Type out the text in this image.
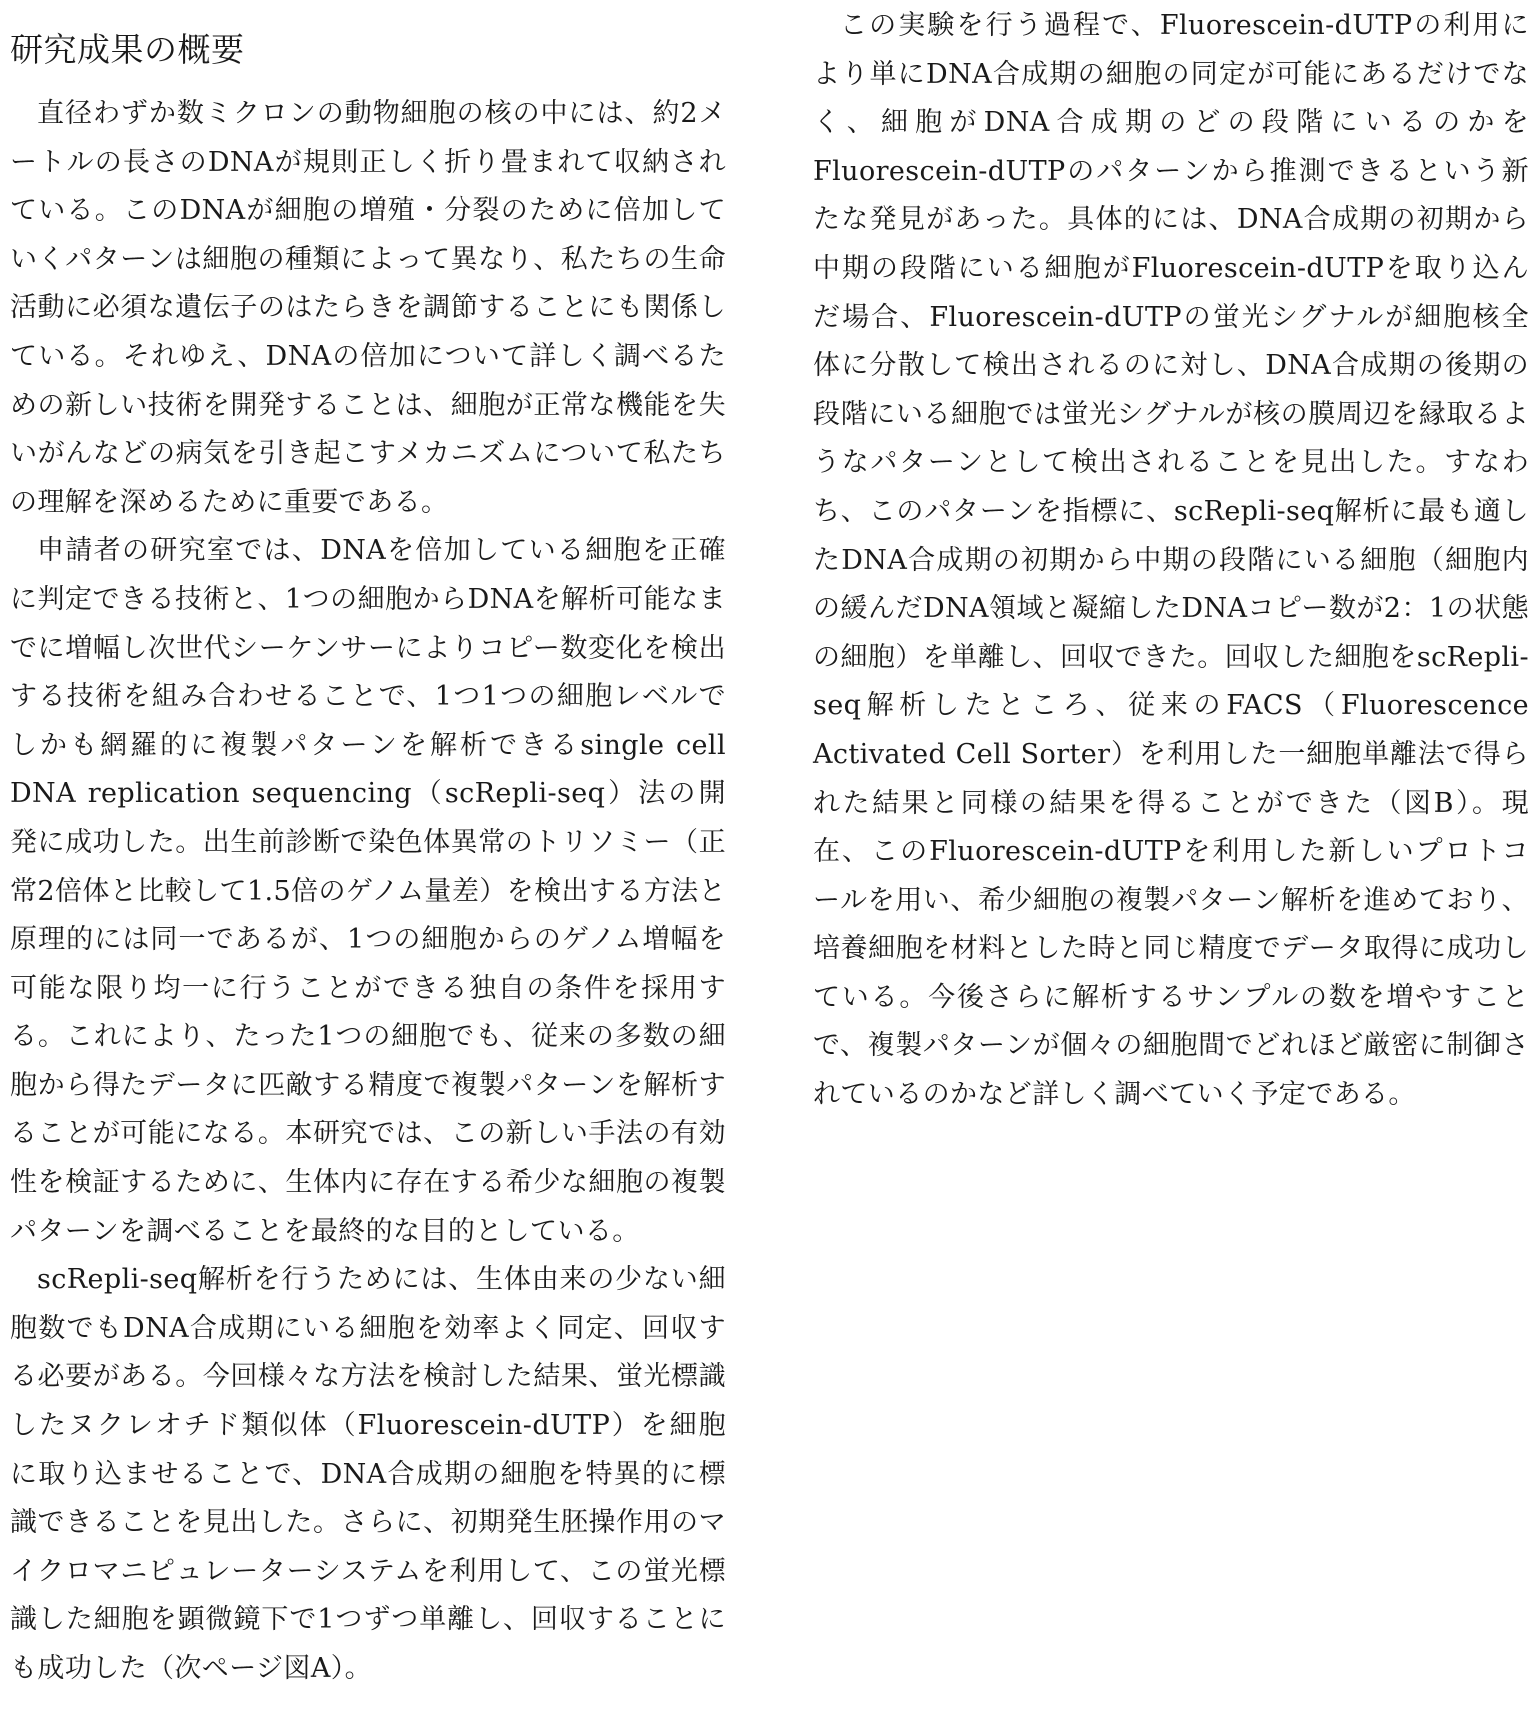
研究成果の概要

直径わずか数ミクロンの動物細胞の核の中には、約2メートルの長さのDNAが規則正しく折り畳まれて収納されている。このDNAが細胞の増殖・分裂のために倍加していくパターンは細胞の種類によって異なり、私たちの生命活動に必須な遺伝子のはたらきを調節することにも関係している。それゆえ、DNAの倍加について詳しく調べるための新しい技術を開発することは、細胞が正常な機能を失いがんなどの病気を引き起こすメカニズムについて私たちの理解を深めるために重要である。

申請者の研究室では、DNAを倍加している細胞を正確に判定できる技術と、1つの細胞からDNAを解析可能なまでに増幅し次世代シーケンサーによりコピー数変化を検出する技術を組み合わせることで、1つ1つの細胞レベルでしかも網羅的に複製パターンを解析できるsingle cell DNA replication sequencing（scRepli-seq）法の開発に成功した。出生前診断で染色体異常のトリソミー（正常2倍体と比較して1.5倍のゲノム量差）を検出する方法と原理的には同一であるが、1つの細胞からのゲノム増幅を可能な限り均一に行うことができる独自の条件を採用する。これにより、たった1つの細胞でも、従来の多数の細胞から得たデータに匹敵する精度で複製パターンを解析することが可能になる。本研究では、この新しい手法の有効性を検証するために、生体内に存在する希少な細胞の複製パターンを調べることを最終的な目的としている。

scRepli-seq解析を行うためには、生体由来の少ない細胞数でもDNA合成期にいる細胞を効率よく同定、回収する必要がある。今回様々な方法を検討した結果、蛍光標識したヌクレオチド類似体（Fluorescein-dUTP）を細胞に取り込ませることで、DNA合成期の細胞を特異的に標識できることを見出した。さらに、初期発生胚操作用のマイクロマニピュレーターシステムを利用して、この蛍光標識した細胞を顕微鏡下で1つずつ単離し、回収することにも成功した（次ページ図A）。

この実験を行う過程で、Fluorescein-dUTPの利用により単にDNA合成期の細胞の同定が可能にあるだけでなく、細胞がDNA合成期のどの段階にいるのかをFluorescein-dUTPのパターンから推測できるという新たな発見があった。具体的には、DNA合成期の初期から中期の段階にいる細胞がFluorescein-dUTPを取り込んだ場合、Fluorescein-dUTPの蛍光シグナルが細胞核全体に分散して検出されるのに対し、DNA合成期の後期の段階にいる細胞では蛍光シグナルが核の膜周辺を縁取るようなパターンとして検出されることを見出した。すなわち、このパターンを指標に、scRepli-seq解析に最も適したDNA合成期の初期から中期の段階にいる細胞（細胞内の緩んだDNA領域と凝縮したDNAコピー数が2：1の状態の細胞）を単離し、回収できた。回収した細胞をscRepli-seq解析したところ、従来のFACS（Fluorescence Activated Cell Sorter）を利用した一細胞単離法で得られた結果と同様の結果を得ることができた（図B）。現在、このFluorescein-dUTPを利用した新しいプロトコールを用い、希少細胞の複製パターン解析を進めており、培養細胞を材料とした時と同じ精度でデータ取得に成功している。今後さらに解析するサンプルの数を増やすことで、複製パターンが個々の細胞間でどれほど厳密に制御されているのかなど詳しく調べていく予定である。
